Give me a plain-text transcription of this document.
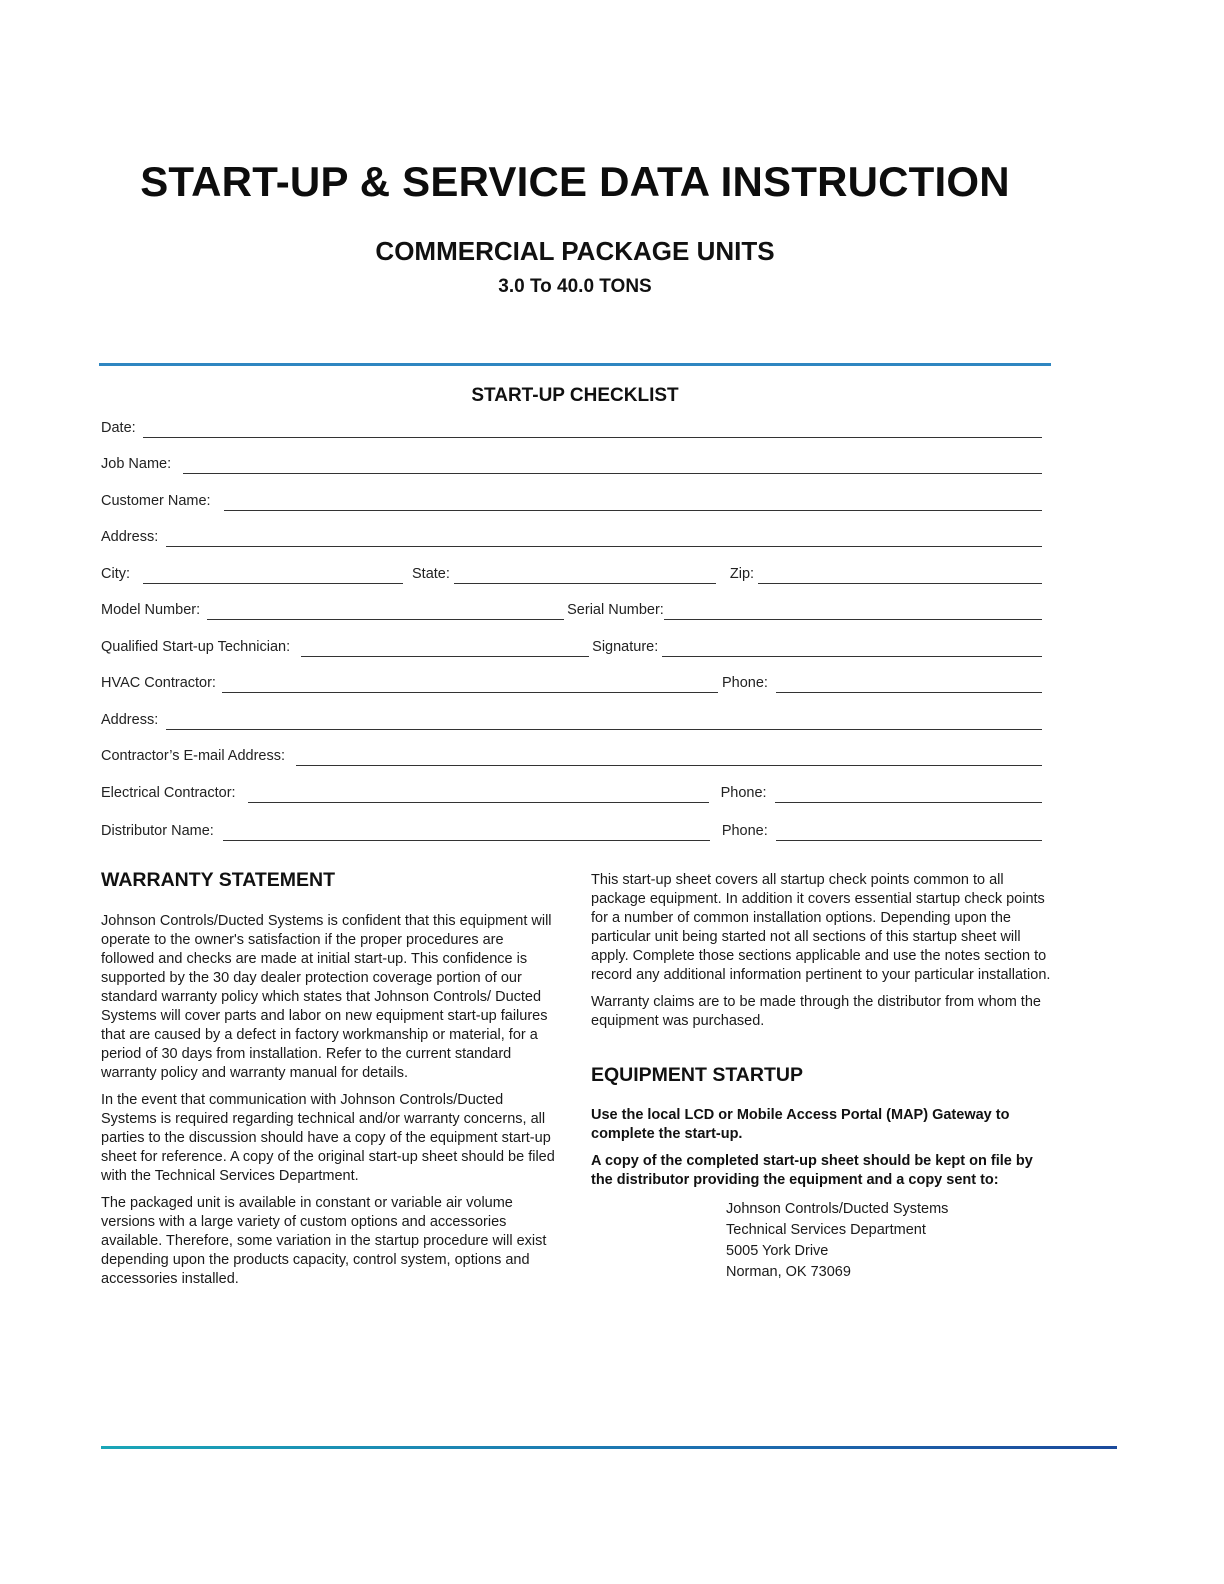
START-UP & SERVICE DATA INSTRUCTION
COMMERCIAL PACKAGE UNITS
3.0 To 40.0 TONS
START-UP CHECKLIST
Date:
Job Name:
Customer Name:
Address:
City:	State:	Zip:
Model Number:	Serial Number:
Qualified Start-up Technician:	Signature:
HVAC Contractor:	Phone:
Address:
Contractor’s E-mail Address:
Electrical Contractor:	Phone:
Distributor Name:	Phone:
WARRANTY STATEMENT

Johnson Controls/Ducted Systems is confident that this equipment will operate to the owner's satisfaction if the proper procedures are followed and checks are made at initial start-up. This confidence is supported by the 30 day dealer protection coverage portion of our standard warranty policy which states that Johnson Controls/ Ducted Systems will cover parts and labor on new equipment start-up failures that are caused by a defect in factory workmanship or material, for a period of 30 days from installation. Refer to the current standard warranty policy and warranty manual for details.

In the event that communication with Johnson Controls/Ducted Systems is required regarding technical and/or warranty concerns, all parties to the discussion should have a copy of the equipment start-up sheet for reference. A copy of the original start-up sheet should be filed with the Technical Services Department.

The packaged unit is available in constant or variable air volume versions with a large variety of custom options and accessories available. Therefore, some variation in the startup procedure will exist depending upon the products capacity, control system, options and accessories installed.

This start-up sheet covers all startup check points common to all package equipment. In addition it covers essential startup check points for a number of common installation options. Depending upon the particular unit being started not all sections of this startup sheet will apply. Complete those sections applicable and use the notes section to record any additional information pertinent to your particular installation.

Warranty claims are to be made through the distributor from whom the equipment was purchased.

EQUIPMENT STARTUP

Use the local LCD or Mobile Access Portal (MAP) Gateway to complete the start-up.

A copy of the completed start-up sheet should be kept on file by the distributor providing the equipment and a copy sent to:

Johnson Controls/Ducted Systems
Technical Services Department
5005 York Drive
Norman, OK 73069
